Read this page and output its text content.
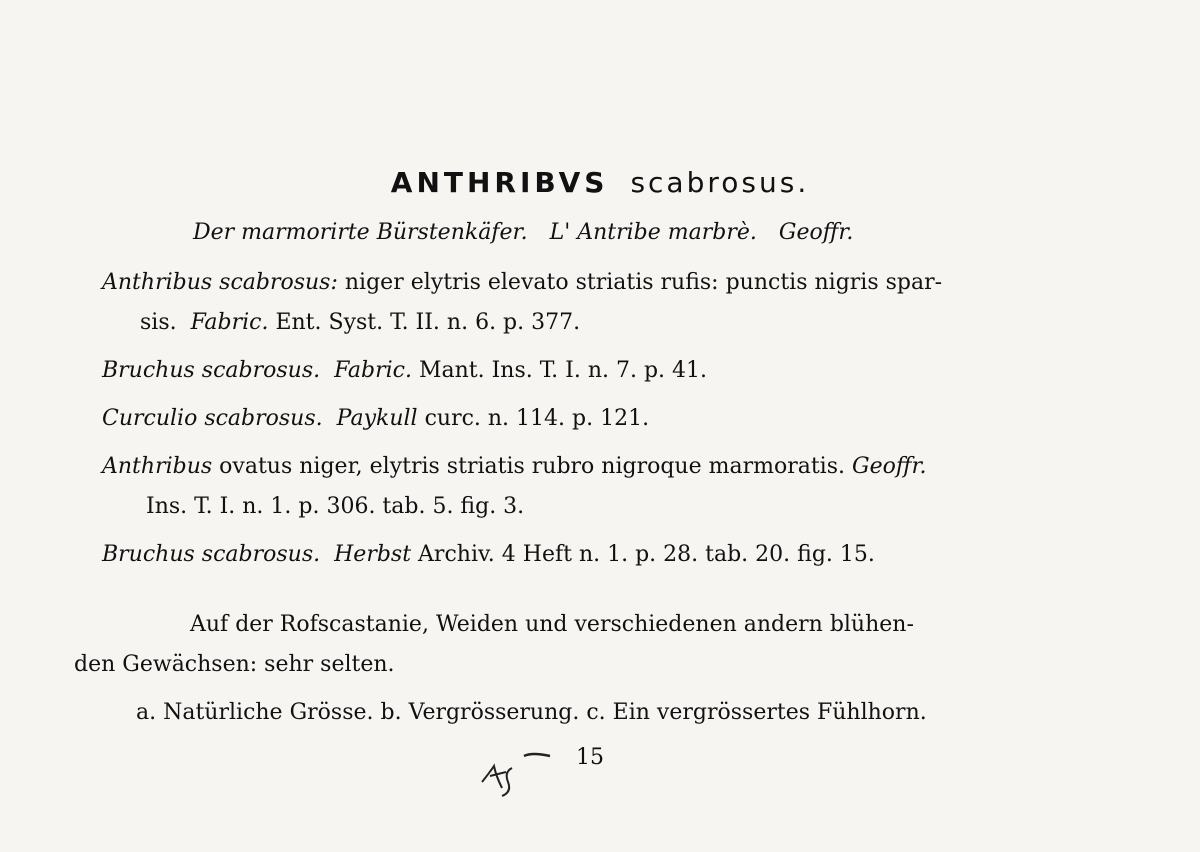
ANTHRIBVS scabrosus.
Der marmorirte Bürstenkäfer. L' Antribe marbrè. Geoffr.
Anthribus scabrosus: niger elytris elevato striatis rufis: punctis nigris spar-
sis. Fabric. Ent. Syst. T. II. n. 6. p. 377.
Bruchus scabrosus. Fabric. Mant. Ins. T. I. n. 7. p. 41.
Curculio scabrosus. Paykull curc. n. 114. p. 121.
Anthribus ovatus niger, elytris striatis rubro nigroque marmoratis. Geoffr.
Ins. T. I. n. 1. p. 306. tab. 5. fig. 3.
Bruchus scabrosus. Herbst Archiv. 4 Heft n. 1. p. 28. tab. 20. fig. 15.
Auf der Rofscastanie, Weiden und verschiedenen andern blühen-
den Gewächsen: sehr selten.
a. Natürliche Grösse. b. Vergrösserung. c. Ein vergrössertes Fühlhorn.
15
